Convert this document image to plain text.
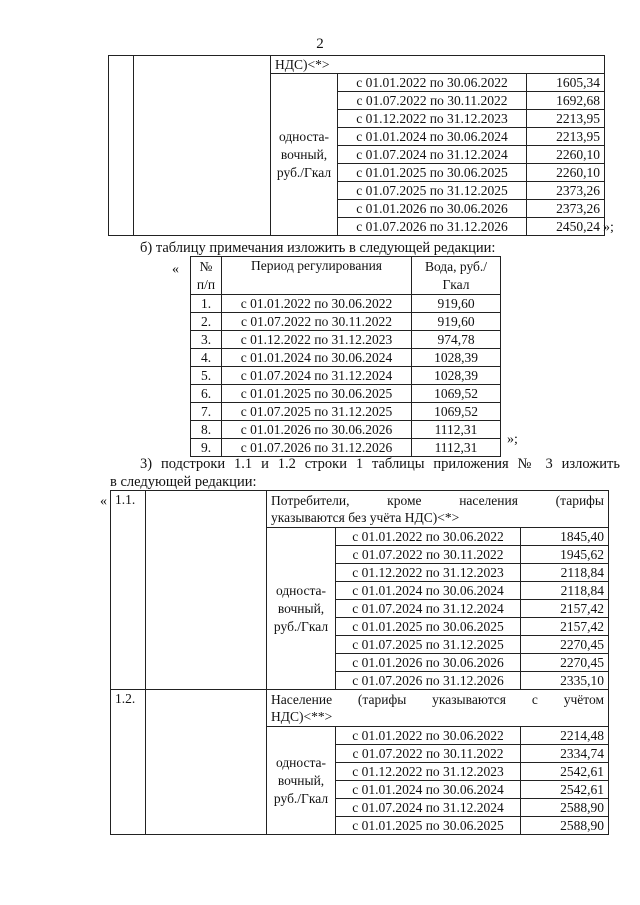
2
		НДС)<*>		
		односта-вочный, руб./Гкал	с 01.01.2022 по 30.06.2022	1605,34
			с 01.07.2022 по 30.11.2022	1692,68
			с 01.12.2022 по 31.12.2023	2213,95
			с 01.01.2024 по 30.06.2024	2213,95
			с 01.07.2024 по 31.12.2024	2260,10
			с 01.01.2025 по 30.06.2025	2260,10
			с 01.07.2025 по 31.12.2025	2373,26
			с 01.01.2026 по 30.06.2026	2373,26
			с 01.07.2026 по 31.12.2026	2450,24 »;
б) таблицу примечания изложить в следующей редакции:
« № п/п	Период регулирования	Вода, руб./Гкал
1.	с 01.01.2022 по 30.06.2022	919,60
2.	с 01.07.2022 по 30.11.2022	919,60
3.	с 01.12.2022 по 31.12.2023	974,78
4.	с 01.01.2024 по 30.06.2024	1028,39
5.	с 01.07.2024 по 31.12.2024	1028,39
6.	с 01.01.2025 по 30.06.2025	1069,52
7.	с 01.07.2025 по 31.12.2025	1069,52
8.	с 01.01.2026 по 30.06.2026	1112,31
9.	с 01.07.2026 по 31.12.2026	1112,31
»;
3) подстроки 1.1 и 1.2 строки 1 таблицы приложения № 3 изложить
в следующей редакции:
« 1.1.		Потребители, кроме населения (тарифы
указываются без учёта НДС)<*>		

		односта-вочный, руб./Гкал	с 01.01.2022 по 30.06.2022	1845,40
			с 01.07.2022 по 30.11.2022	1945,62
			с 01.12.2022 по 31.12.2023	2118,84
			с 01.01.2024 по 30.06.2024	2118,84
			с 01.07.2024 по 31.12.2024	2157,42
			с 01.01.2025 по 30.06.2025	2157,42
			с 01.07.2025 по 31.12.2025	2270,45
			с 01.01.2026 по 30.06.2026	2270,45
			с 01.07.2026 по 31.12.2026	2335,10
1.2.		Население (тарифы указываются с учётом
НДС)<**>		

		односта-вочный, руб./Гкал	с 01.01.2022 по 30.06.2022	2214,48
			с 01.07.2022 по 30.11.2022	2334,74
			с 01.12.2022 по 31.12.2023	2542,61
			с 01.01.2024 по 30.06.2024	2542,61
			с 01.07.2024 по 31.12.2024	2588,90
			с 01.01.2025 по 30.06.2025	2588,90
